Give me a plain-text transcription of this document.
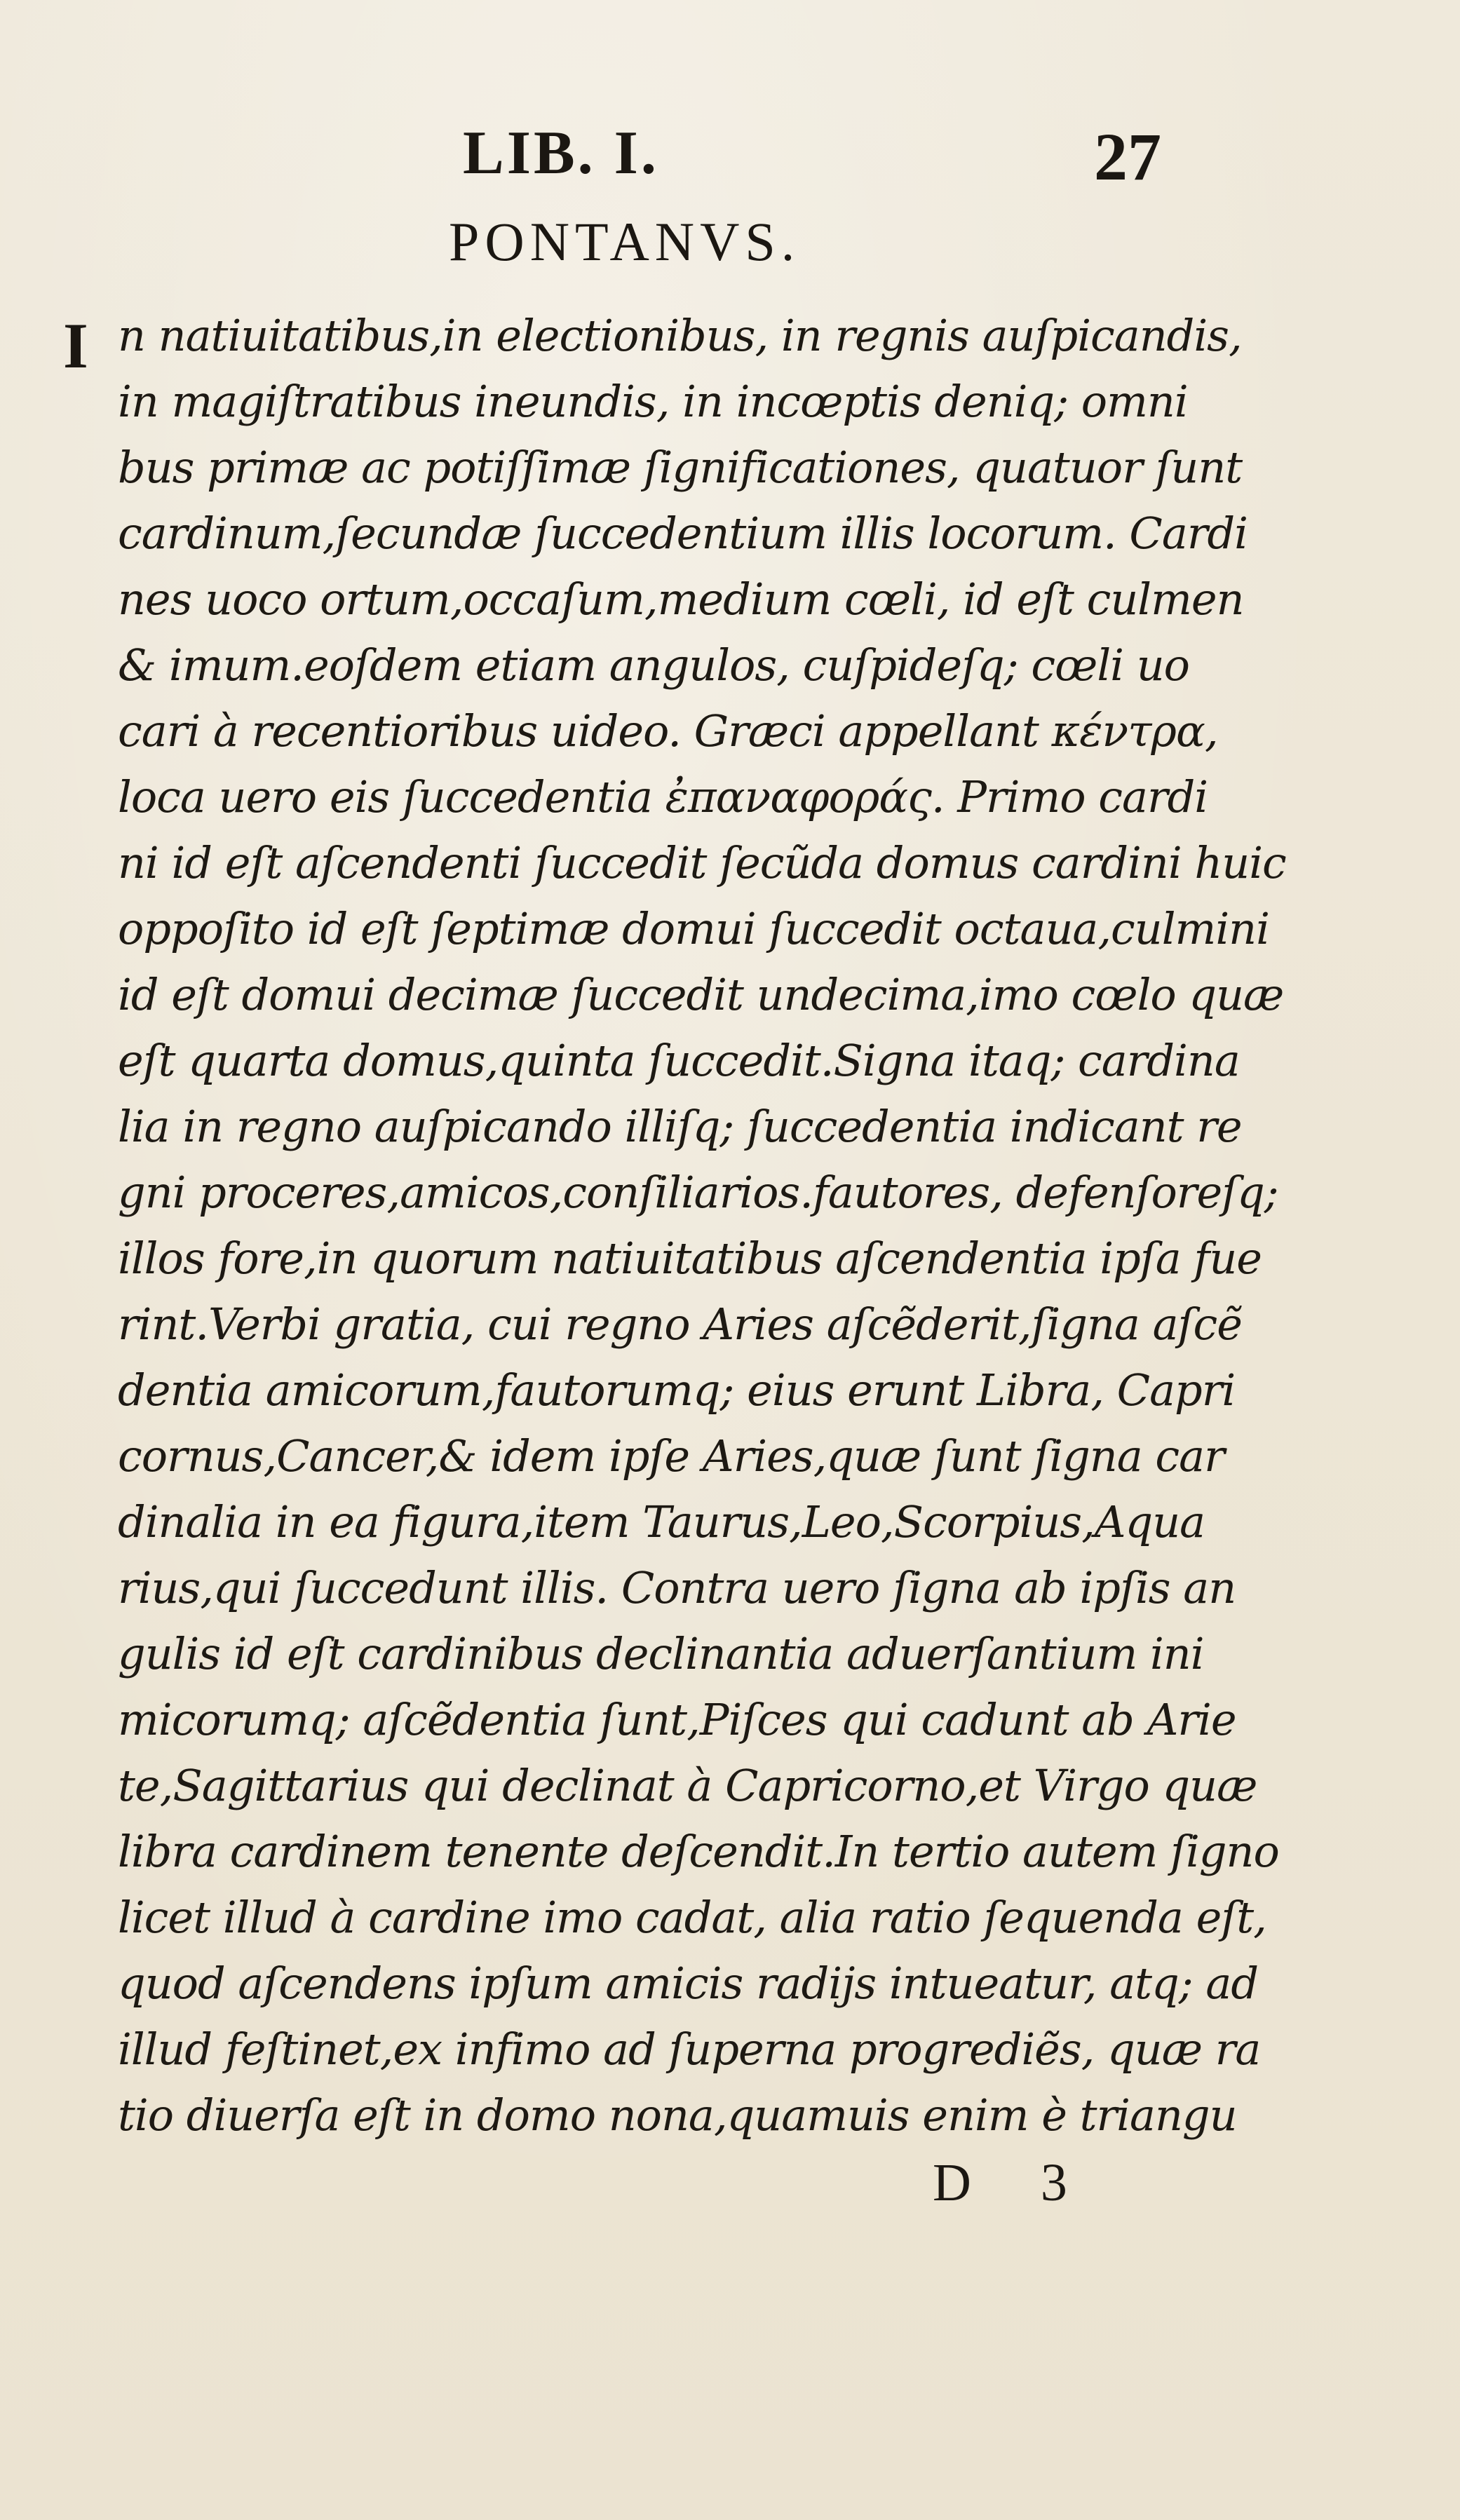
LIB. I.	27
PONTANVS.
I n natiuitatibus,in electionibus, in regnis auſpicandis,
in magiſtratibus ineundis, in incœptis deniq; omni
bus primæ ac potiſſimæ ſignificationes, quatuor ſunt
cardinum,ſecundæ ſuccedentium illis locorum. Cardi
nes uoco ortum,occaſum,medium cœli, id eſt culmen
& imum.eoſdem etiam angulos, cuſpideſq; cœli uo
cari à recentioribus uideo. Græci appellant κέντρα,
loca uero eis ſuccedentia ἐπαναφοράς. Primo cardi
ni id eſt aſcendenti ſuccedit ſecũda domus cardini huic
oppoſito id eſt ſeptimæ domui ſuccedit octaua,culmini
id eſt domui decimæ ſuccedit undecima,imo cœlo quæ
eſt quarta domus,quinta ſuccedit.Signa itaq; cardina
lia in regno auſpicando illiſq; ſuccedentia indicant re
gni proceres,amicos,conſiliarios.fautores, defenſoreſq;
illos fore,in quorum natiuitatibus aſcendentia ipſa fue
rint.Verbi gratia, cui regno Aries aſcẽderit,ſigna aſcẽ
dentia amicorum,fautorumq; eius erunt Libra, Capri
cornus,Cancer,& idem ipſe Aries,quæ ſunt ſigna car
dinalia in ea figura,item Taurus,Leo,Scorpius,Aqua
rius,qui ſuccedunt illis. Contra uero ſigna ab ipſis an
gulis id eſt cardinibus declinantia aduerſantium ini
micorumq; aſcẽdentia ſunt,Piſces qui cadunt ab Arie
te,Sagittarius qui declinat à Capricorno,et Virgo quæ
libra cardinem tenente deſcendit.In tertio autem ſigno
licet illud à cardine imo cadat, alia ratio ſequenda eſt,
quod aſcendens ipſum amicis radijs intueatur, atq; ad
illud feſtinet,ex infimo ad ſuperna progrediẽs, quæ ra
tio diuerſa eſt in domo nona,quamuis enim è triangu
D 3
